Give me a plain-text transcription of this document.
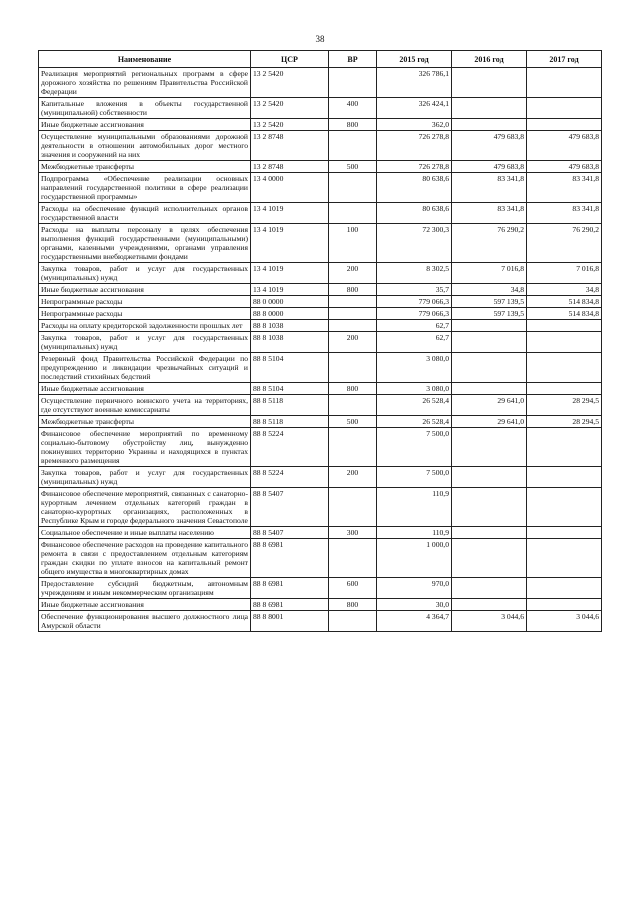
38
Наименование	ЦСР	ВР	2015 год	2016 год	2017 год
Реализация мероприятий региональных программ в сфере дорожного хозяйства по решениям Правительства Российской Федерации	13 2 5420		326 786,1		
Капитальные вложения в объекты государственной (муниципальной) собственности	13 2 5420	400	326 424,1		
Иные бюджетные ассигнования	13 2 5420	800	362,0		
Осуществление муниципальными образованиями дорожной деятельности в отношении автомобильных дорог местного значения и сооружений на них	13 2 8748		726 278,8	479 683,8	479 683,8
Межбюджетные трансферты	13 2 8748	500	726 278,8	479 683,8	479 683,8
Подпрограмма «Обеспечение реализации основных направлений государственной политики в сфере реализации государственной программы»	13 4 0000		80 638,6	83 341,8	83 341,8
Расходы на обеспечение функций исполнительных органов государственной власти	13 4 1019		80 638,6	83 341,8	83 341,8
Расходы на выплаты персоналу в целях обеспечения выполнения функций государственными (муниципальными) органами, казенными учреждениями, органами управления государственными внебюджетными фондами	13 4 1019	100	72 300,3	76 290,2	76 290,2
Закупка товаров, работ и услуг для государственных (муниципальных) нужд	13 4 1019	200	8 302,5	7 016,8	7 016,8
Иные бюджетные ассигнования	13 4 1019	800	35,7	34,8	34,8
Непрограммные расходы	88 0 0000		779 066,3	597 139,5	514 834,8
Непрограммные расходы	88 8 0000		779 066,3	597 139,5	514 834,8
Расходы на оплату кредиторской задолженности прошлых лет	88 8 1038		62,7		
Закупка товаров, работ и услуг для государственных (муниципальных) нужд	88 8 1038	200	62,7		
Резервный фонд Правительства Российской Федерации по предупреждению и ликвидации чрезвычайных ситуаций и последствий стихийных бедствий	88 8 5104		3 080,0		
Иные бюджетные ассигнования	88 8 5104	800	3 080,0		
Осуществление первичного воинского учета на территориях, где отсутствуют военные комиссариаты	88 8 5118		26 528,4	29 641,0	28 294,5
Межбюджетные трансферты	88 8 5118	500	26 528,4	29 641,0	28 294,5
Финансовое обеспечение мероприятий по временному социально-бытовому обустройству лиц, вынужденно покинувших территорию Украины и находящихся в пунктах временного размещения	88 8 5224		7 500,0		
Закупка товаров, работ и услуг для государственных (муниципальных) нужд	88 8 5224	200	7 500,0		
Финансовое обеспечение мероприятий, связанных с санаторно-курортным лечением отдельных категорий граждан в санаторно-курортных организациях, расположенных в Республике Крым и городе федерального значения Севастополе	88 8 5407		110,9		
Социальное обеспечение и иные выплаты населению	88 8 5407	300	110,9		
Финансовое обеспечение расходов на проведение капитального ремонта в связи с предоставлением отдельным категориям граждан скидки по уплате взносов на капитальный ремонт общего имущества в многоквартирных домах	88 8 6981		1 000,0		
Предоставление субсидий бюджетным, автономным учреждениям и иным некоммерческим организациям	88 8 6981	600	970,0		
Иные бюджетные ассигнования	88 8 6981	800	30,0		
Обеспечение функционирования высшего должностного лица Амурской области	88 8 8001		4 364,7	3 044,6	3 044,6
